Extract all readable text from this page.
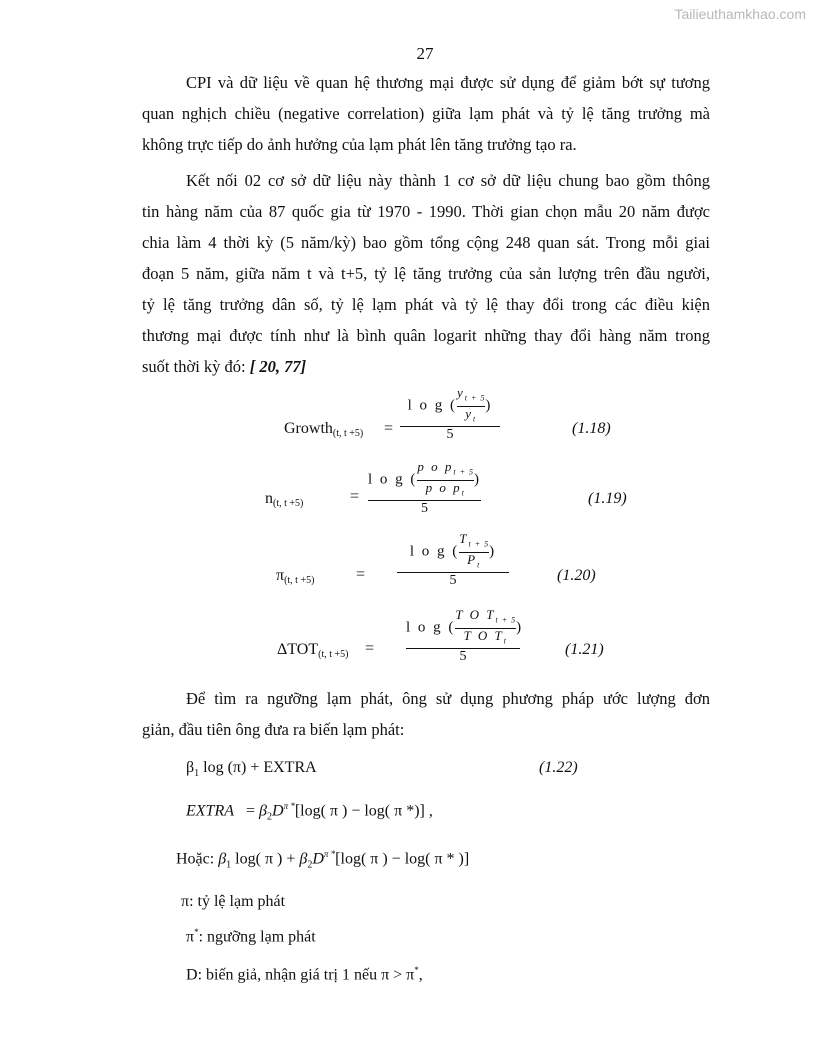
Tailieuthamkhao.com
27

CPI và dữ liệu về quan hệ thương mại được sử dụng để giảm bớt sự tương
quan nghịch chiều (negative correlation) giữa lạm phát và tỷ lệ tăng trưởng mà
không trực tiếp do ảnh hưởng của lạm phát lên tăng trưởng tạo ra.

Kết nối 02 cơ sở dữ liệu này thành 1 cơ sở dữ liệu chung bao gồm thông
tin hàng năm của 87 quốc gia từ 1970 - 1990. Thời gian chọn mẫu 20 năm được
chia làm 4 thời kỳ (5 năm/kỳ) bao gồm tổng cộng 248 quan sát. Trong mỗi giai
đoạn 5 năm, giữa năm t và t+5, tỷ lệ tăng trưởng của sản lượng trên đầu người,
tỷ lệ tăng trưởng dân số, tỷ lệ lạm phát và tỷ lệ thay đổi trong các điều kiện
thương mại được tính như là bình quân logarit những thay đổi hàng năm trong
suốt thời kỳ đó: [ 20, 77]

Growth$_{(t, t +5)}$ =
l o g ( $\frac{y_{t + 5}}{y_t}$ )
5	(1.18)
$n_{(t, t +5)}$	=
l o g ( $\frac{p o p_{t + 5}}{p o p_t}$ )
5
(1.19)
$\pi_{(t, t +5)}$	=
l o g ( $\frac{T_{t + 5}}{P_t}$ )
5	(1.20)
$\Delta TOT_{(t, t +5)}$ =
l o g ( $\frac{T O T_{t + 5}}{T O T_t}$ )
5	(1.21)

Để tìm ra ngưỡng lạm phát, ông sử dụng phương pháp ước lượng đơn
giản, đầu tiên ông đưa ra biến lạm phát:

$\beta_1$ log (π) + EXTRA	(1.22)
EXTRA = $\beta_2D^{\pi *}[\log$( π ) − log( π *)] ,
Hoặc: $\beta_1$ log( π ) + $\beta_2D^{\pi *}[\log$( π ) − log( π * )]
π: tỷ lệ lạm phát
π*: ngưỡng lạm phát
D: biến giả, nhận giá trị 1 nếu π > π*,
